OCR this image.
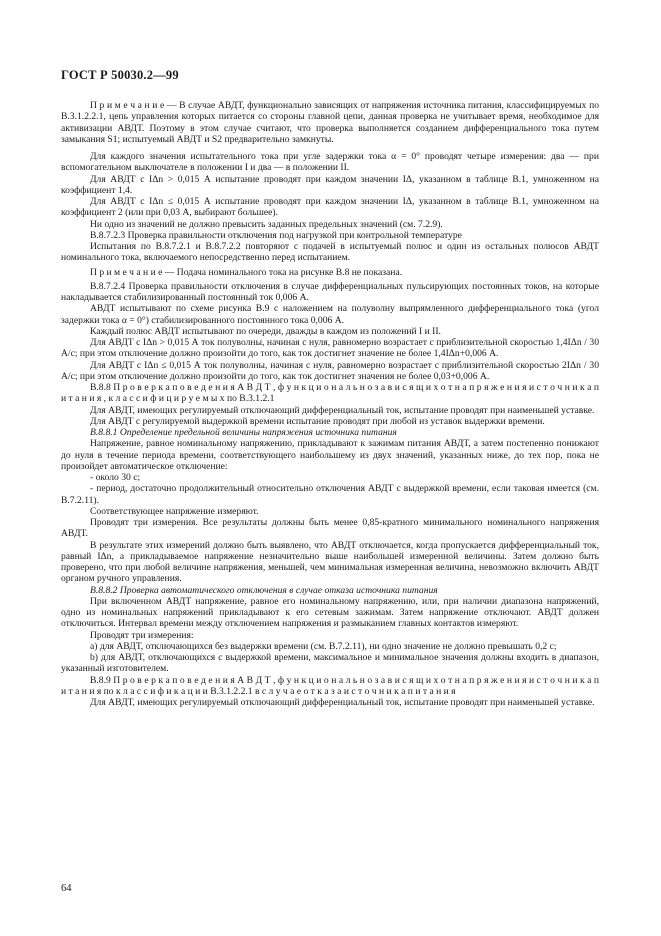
ГОСТ Р 50030.2—99

П р и м е ч а н и е — В случае АВДТ, функционально зависящих от напряжения источника питания, классифицируемых по В.3.1.2.2.1, цепь управления которых питается со стороны главной цепи, данная проверка не учитывает время, необходимое для активизации АВДТ. Поэтому в этом случае считают, что проверка выполняется созданием дифференциального тока путем замыкания S1; испытуемый АВДТ и S2 предварительно замкнуты.

Для каждого значения испытательного тока при угле задержки тока α = 0° проводят четыре измерения: два — при вспомогательном выключателе в положении I и два — в положении II.

Для АВДТ с IΔn > 0,015 А испытание проводят при каждом значении IΔ, указанном в таблице В.1, умноженном на коэффициент 1,4.

Для АВДТ с IΔn ≤ 0,015 А испытание проводят при каждом значении IΔ, указанном в таблице В.1, умноженном на коэффициент 2 (или при 0,03 А, выбирают большее).

Ни одно из значений не должно превысить заданных предельных значений (см. 7.2.9).

В.8.7.2.3 Проверка правильности отключения под нагрузкой при контрольной температуре

Испытания по В.8.7.2.1 и В.8.7.2.2 повторяют с подачей в испытуемый полюс и один из остальных полюсов АВДТ номинального тока, включаемого непосредственно перед испытанием.

П р и м е ч а н и е — Подача номинального тока на рисунке В.8 не показана.

В.8.7.2.4 Проверка правильности отключения в случае дифференциальных пульсирующих постоянных токов, на которые накладывается стабилизированный постоянный ток 0,006 А.

АВДТ испытывают по схеме рисунка В.9 с наложением на полуволну выпрямленного дифференциального тока (угол задержки тока α = 0°) стабилизированного постоянного тока 0,006 А.

Каждый полюс АВДТ испытывают по очереди, дважды в каждом из положений I и II.

Для АВДТ с IΔn > 0,015 А ток полуволны, начиная с нуля, равномерно возрастает с приблизительной скоростью 1,4IΔn / 30 А/с; при этом отключение должно произойти до того, как ток достигнет значение не более 1,4IΔn+0,006 А.

Для АВДТ с IΔn ≤ 0,015 А ток полуволны, начиная с нуля, равномерно возрастает с приблизительной скоростью 2IΔn / 30 А/с; при этом отключение должно произойти до того, как ток достигнет значения не более 0,03+0,006 А.

В.8.8 П р о в е р к а п о в е д е н и я А В Д Т , ф у н к ц и о н а л ь н о з а в и с я щ и х о т н а п р я ж е н и я и с т о ч н и к а п и т а н и я , к л а с с и ф и ц и р у е м ы х по В.3.1.2.1

Для АВДТ, имеющих регулируемый отключающий дифференциальный ток, испытание проводят при наименьшей уставке.

Для АВДТ с регулируемой выдержкой времени испытание проводят при любой из уставок выдержки времени.

В.8.8.1 Определение предельной величины напряжения источника питания

Напряжение, равное номинальному напряжению, прикладывают к зажимам питания АВДТ, а затем постепенно понижают до нуля в течение периода времени, соответствующего наибольшему из двух значений, указанных ниже, до тех пор, пока не произойдет автоматическое отключение:

- около 30 с;

- период, достаточно продолжительный относительно отключения АВДТ с выдержкой времени, если таковая имеется (см. В.7.2.11).

Соответствующее напряжение измеряют.

Проводят три измерения. Все результаты должны быть менее 0,85-кратного минимального номинального напряжения АВДТ.

В результате этих измерений должно быть выявлено, что АВДТ отключается, когда пропускается дифференциальный ток, равный IΔn, а прикладываемое напряжение незначительно выше наибольшей измеренной величины. Затем должно быть проверено, что при любой величине напряжения, меньшей, чем минимальная измеренная величина, невозможно включить АВДТ органом ручного управления.

В.8.8.2 Проверка автоматического отключения в случае отказа источника питания

При включенном АВДТ напряжение, равное его номинальному напряжению, или, при наличии диапазона напряжений, одно из номинальных напряжений прикладывают к его сетевым зажимам. Затем напряжение отключают. АВДТ должен отключиться. Интервал времени между отключением напряжения и размыканием главных контактов измеряют.

Проводят три измерения:

а) для АВДТ, отключающихся без выдержки времени (см. В.7.2.11), ни одно значение не должно превышать 0,2 с;

b) для АВДТ, отключающихся с выдержкой времени, максимальное и минимальное значения должны входить в диапазон, указанный изготовителем.

В.8.9 П р о в е р к а п о в е д е н и я А В Д Т , ф у н к ц и о н а л ь н о з а в и с я щ и х о т н а п р я ж е н и я и с т о ч н и к а п и т а н и я по к л а с с и ф и к а ц и и В.3.1.2.2.1 в с л у ч а е о т к а з а и с т о ч н и к а п и т а н и я

Для АВДТ, имеющих регулируемый отключающий дифференциальный ток, испытание проводят при наименьшей уставке.

64
